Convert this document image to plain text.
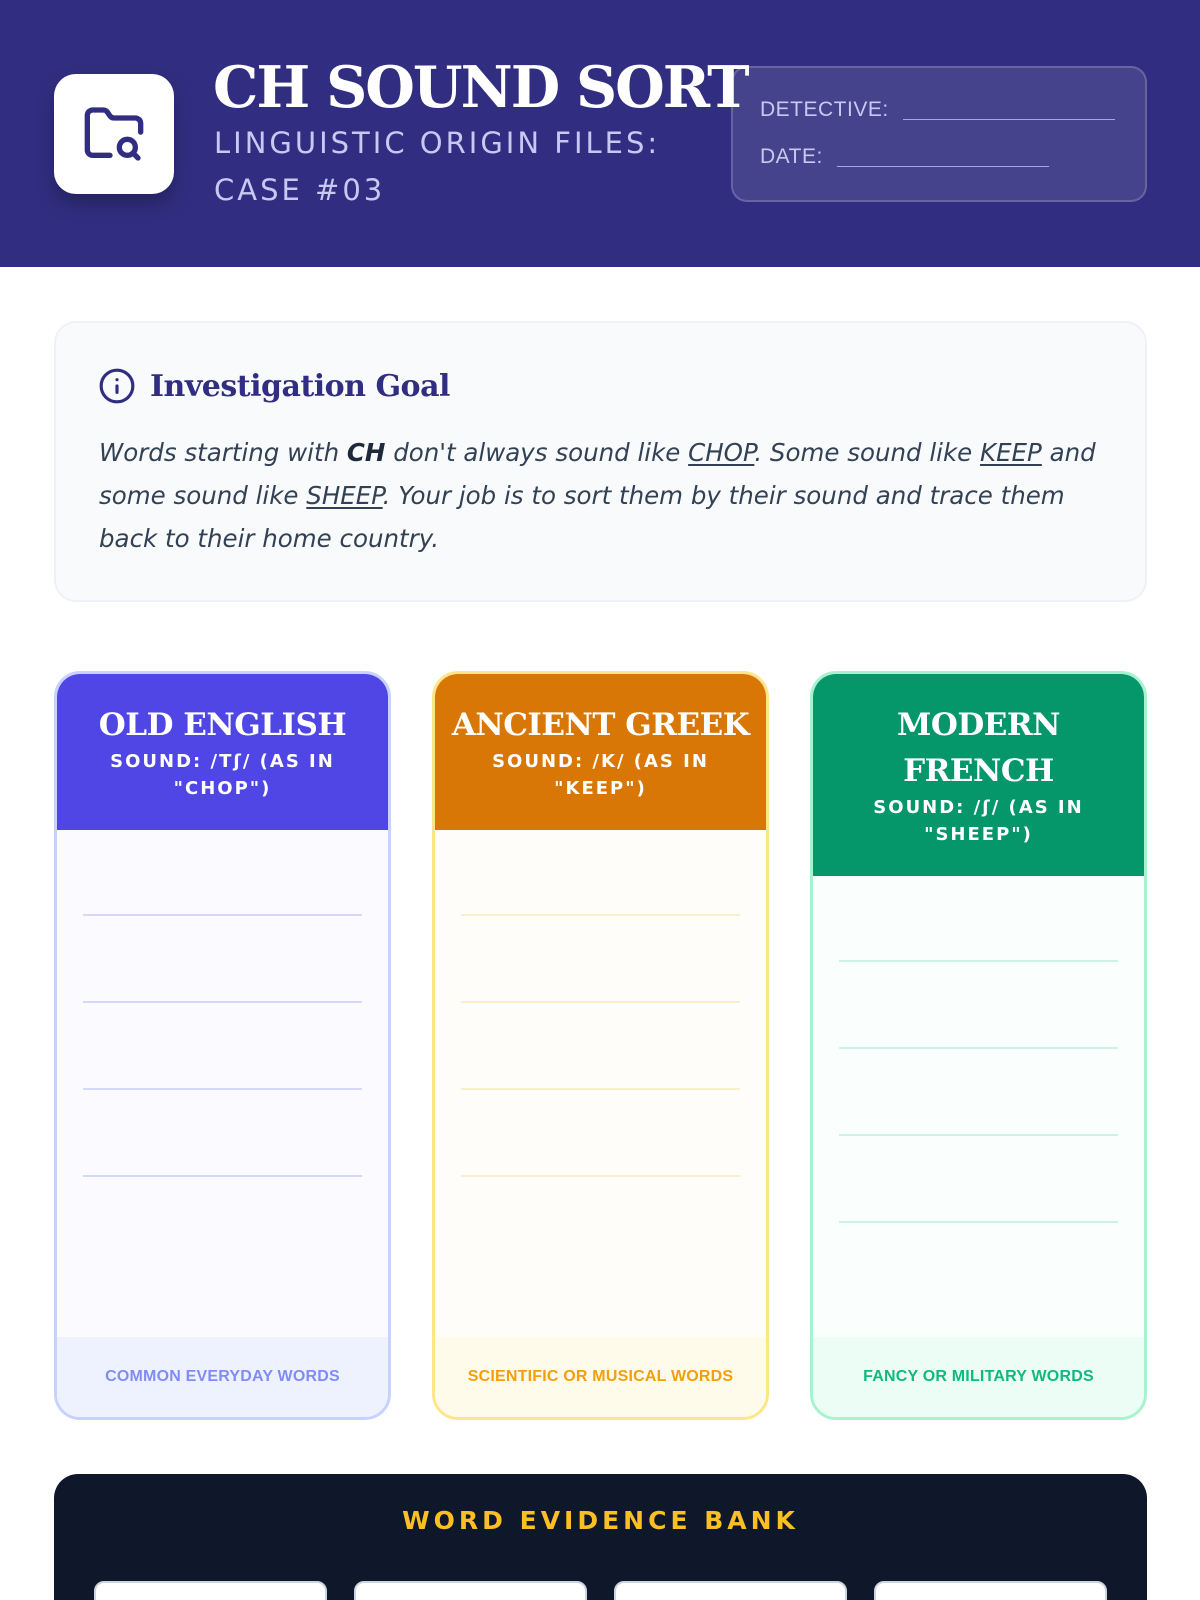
CH SOUND SORT
LINGUISTIC ORIGIN FILES: CASE #03
DETECTIVE:
DATE:
Investigation Goal

Words starting with CH don't always sound like CHOP. Some sound like KEEP and some sound like SHEEP. Your job is to sort them by their sound and trace them back to their home country.

OLD ENGLISH
SOUND: /Tʃ/ (AS IN "CHOP")
COMMON EVERYDAY WORDS
ANCIENT GREEK
SOUND: /K/ (AS IN "KEEP")
SCIENTIFIC OR MUSICAL WORDS
MODERN FRENCH
SOUND: /ʃ/ (AS IN "SHEEP")
FANCY OR MILITARY WORDS
WORD EVIDENCE BANK
